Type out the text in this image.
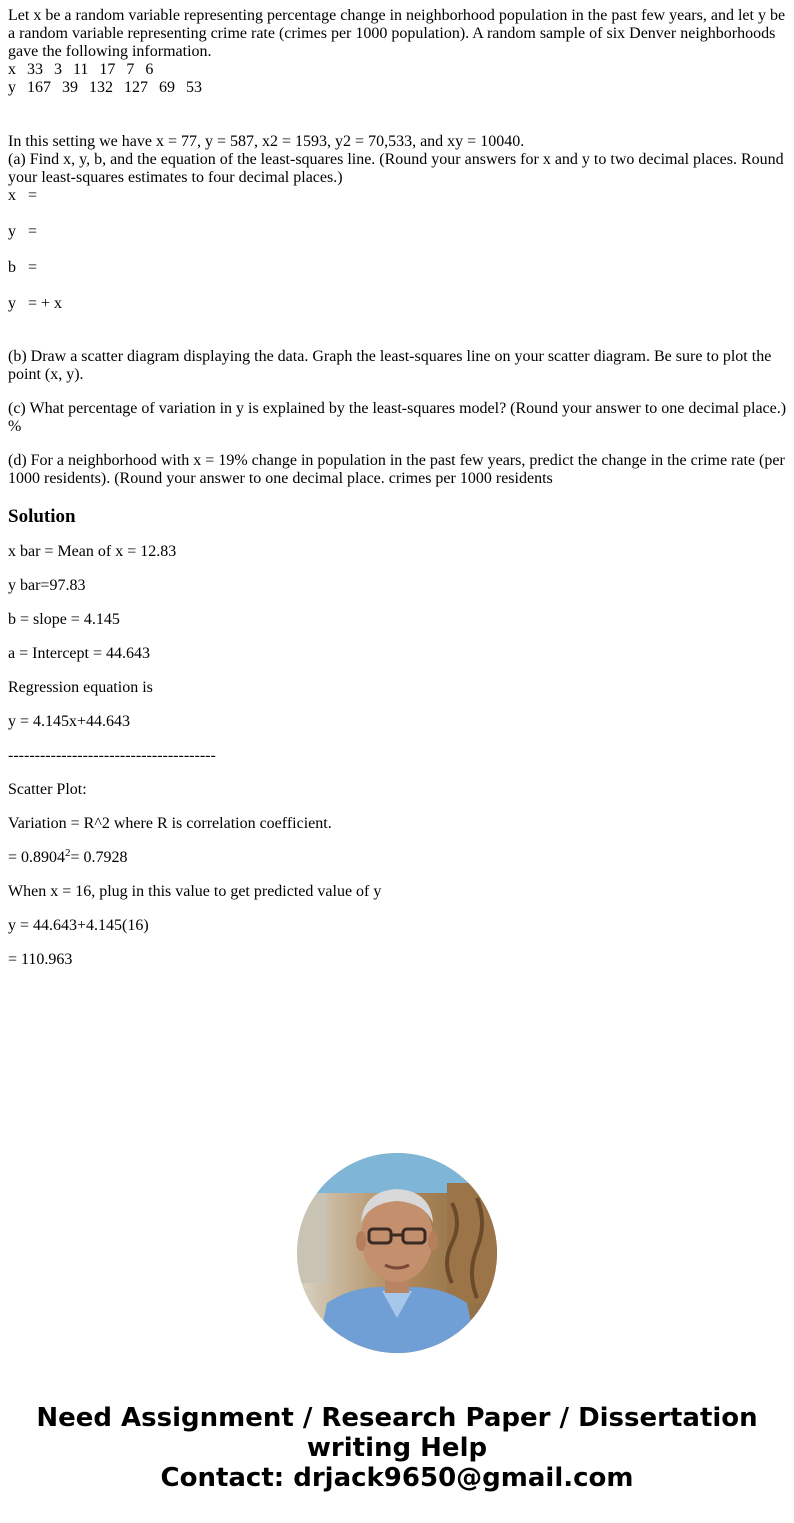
Let x be a random variable representing percentage change in neighborhood population in the past few years, and let y be a random variable representing crime rate (crimes per 1000 population). A random sample of six Denver neighborhoods gave the following information.

x 33 3 11 17 7 6
y 167 39 132 127 69 53

In this setting we have x = 77, y = 587, x2 = 1593, y2 = 70,533, and xy = 10040.

(a) Find x, y, b, and the equation of the least-squares line. (Round your answers for x and y to two decimal places. Round your least-squares estimates to four decimal places.)

x   =
y   =
b   =
y   = + x

(b) Draw a scatter diagram displaying the data. Graph the least-squares line on your scatter diagram. Be sure to plot the point (x, y).

(c) What percentage of variation in y is explained by the least-squares model? (Round your answer to one decimal place.) %

(d) For a neighborhood with x = 19% change in population in the past few years, predict the change in the crime rate (per 1000 residents). (Round your answer to one decimal place. crimes per 1000 residents

Solution

x bar = Mean of x = 12.83

y bar=97.83

b = slope = 4.145

a = Intercept = 44.643

Regression equation is

y = 4.145x+44.643

---------------------------------------

Scatter Plot:

Variation = R^2 where R is correlation coefficient.

= $0.8904^2= 0.7928$

When x = 16, plug in this value to get predicted value of y

y = 44.643+4.145(16)

= 110.963

Need Assignment / Research Paper / Dissertation
writing Help
Contact: drjack9650@gmail.com
